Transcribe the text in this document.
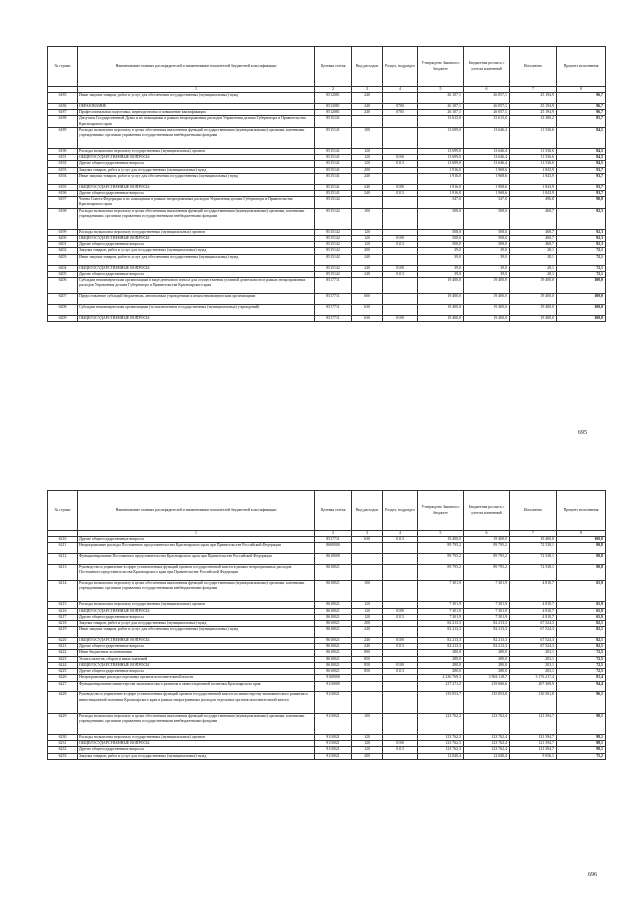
№ строки	Наименование главных распорядителей и наименование показателей бюджетной классификации	Целевая статья	Вид расходов	Раздел, подраздел	Утверждено Законом о бюджете	Бюджетная роспись с учетом изменений	Исполнено	Процент исполнения
	1	2	3	4	5	6	7	8
6185	Иные закупки товаров, работ и услуг для обеспечения государственных (муниципальных) нужд	8512081	240		26 107,1	26 057,1	25 194,9	96,7
6186	ОБРАЗОВАНИЕ	8512081	240	0700	26 107,1	26 057,1	25 194,9	96,7
6187	Профессиональная подготовка, переподготовка и повышение квалификации	8512081	240	0705	26 107,1	26 057,1	25 194,9	96,7
6188	Депутаты Государственной Думы и их помощники в рамках непрограммных расходов Управления делами Губернатора и Правительства Красноярского края	8515141			15 615,0	15 615,0	13 380,2	85,7
6189	Расходы на выплаты персоналу в целях обеспечения выполнения функций государственными (муниципальными) органами, казенными учреждениями, органами управления государственными внебюджетными фондами	8515141	100		13 699,0	13 646,4	11 536,6	84,5
6190	Расходы на выплаты персоналу государственных (муниципальных) органов	8515141	120		13 699,0	13 646,4	11 536,6	84,5
6191	ОБЩЕГОСУДАРСТВЕННЫЕ ВОПРОСЫ	8515141	120	0100	13 699,0	13 646,4	11 536,6	84,5
6192	Другие общегосударственные вопросы	8515141	120	0113	13 699,0	13 646,4	11 536,6	84,5
6193	Закупка товаров, работ и услуг для государственных (муниципальных) нужд	8515141	200		1 916,0	1 968,6	1 843,9	93,7
6194	Иные закупки товаров, работ и услуг для обеспечения государственных (муниципальных) нужд	8515141	240		1 916,0	1 968,6	1 843,9	93,7
6195	ОБЩЕГОСУДАРСТВЕННЫЕ ВОПРОСЫ	8515141	240	0100	1 916,0	1 968,6	1 843,9	93,7
6196	Другие общегосударственные вопросы	8515141	240	0113	1 916,0	1 968,6	1 843,9	93,7
6197	Члены Совета Федерации и их помощники в рамках непрограммных расходов Управления делами Губернатора и Правительства Красноярского края	8515142			547,0	547,0	496,8	90,8
6198	Расходы на выплаты персоналу в целях обеспечения выполнения функций государственными (муниципальными) органами, казенными учреждениями, органами управления государственными внебюджетными фондами	8515142	100		508,0	508,0	468,7	92,3
6199	Расходы на выплаты персоналу государственных (муниципальных) органов	8515142	120		508,0	508,0	468,7	92,3
6200	ОБЩЕГОСУДАРСТВЕННЫЕ ВОПРОСЫ	8515142	120	0100	508,0	508,0	468,7	92,3
6201	Другие общегосударственные вопросы	8515142	120	0113	508,0	508,0	468,7	92,3
6202	Закупка товаров, работ и услуг для государственных (муниципальных) нужд	8515142	200		39,0	39,0	28,1	72,1
6203	Иные закупки товаров, работ и услуг для обеспечения государственных (муниципальных) нужд	8515142	240		39,0	39,0	28,1	72,1
6204	ОБЩЕГОСУДАРСТВЕННЫЕ ВОПРОСЫ	8515142	240	0100	39,0	39,0	28,1	72,1
6205	Другие общегосударственные вопросы	8515142	240	0113	39,0	39,0	28,1	72,1
6206	Субсидии некоммерческим организациям в виде денежного взноса для осуществления уставной деятельности в рамках непрограммных расходов Управления делами Губернатора и Правительства Красноярского края	8517711			19 400,0	19 400,0	19 400,0	100,0
6207	Предоставление субсидий бюджетным, автономным учреждениям и иным некоммерческим организациям	8517711	600		19 400,0	19 400,0	19 400,0	100,0
6208	Субсидии некоммерческим организациям (за исключением государственных (муниципальных) учреждений)	8517711	630		19 400,0	19 400,0	19 400,0	100,0
6209	ОБЩЕГОСУДАРСТВЕННЫЕ ВОПРОСЫ	8517711	630	0100	19 400,0	19 400,0	19 400,0	100,0
695
№ строки	Наименование главных распорядителей и наименование показателей бюджетной классификации	Целевая статья	Вид расходов	Раздел, подраздел	Утверждено Законом о бюджете	Бюджетная роспись с учетом изменений	Исполнено	Процент исполнения
	1	2	3	4	5	6	7	8
6210	Другие общегосударственные вопросы	8517711	630	0113	19 400,0	19 400,0	19 400,0	100,0
6211	Непрограммные расходы Постоянного представительства Красноярского края при Правительстве Российской Федерации	8600000			89 795,2	89 795,2	72 538,1	80,8
6212	Функционирование Постоянного представительства Красноярского края при Правительстве Российской Федерации	8610000			89 795,2	89 795,2	72 538,1	80,8
6213	Руководство и управление в сфере установленных функций органов государственной власти в рамках непрограммных расходов Постоянного представительства Красноярского края при Правительстве Российской Федерации	8610021			89 795,2	89 795,2	72 538,1	80,8
6214	Расходы на выплаты персоналу в целях обеспечения выполнения функций государственными (муниципальными) органами, казенными учреждениями, органами управления государственными внебюджетными фондами	8610021	100		7 301,9	7 301,9	4 810,7	65,9
6215	Расходы на выплаты персоналу государственных (муниципальных) органов	8610021	120		7 301,9	7 301,9	4 810,7	65,9
6216	ОБЩЕГОСУДАРСТВЕННЫЕ ВОПРОСЫ	8610021	120	0100	7 301,9	7 301,9	4 810,7	65,9
6217	Другие общегосударственные вопросы	8610021	120	0113	7 301,9	7 301,9	4 810,7	65,9
6218	Закупка товаров, работ и услуг для государственных (муниципальных) нужд	8610021	200		82 213,3	82 213,3	67 524,3	82,1
6219	Иные закупки товаров, работ и услуг для обеспечения государственных (муниципальных) нужд	8610021	240		82 213,3	82 213,3	67 524,3	82,1
6220	ОБЩЕГОСУДАРСТВЕННЫЕ ВОПРОСЫ	8610021	240	0100	82 213,3	82 213,3	67 524,3	82,1
6221	Другие общегосударственные вопросы	8610021	240	0113	82 213,3	82 213,3	67 524,3	82,1
6222	Иные бюджетные ассигнования	8610021	800		280,0	280,0	203,1	72,5
6223	Уплата налогов, сборов и иных платежей	8610021	850		280,0	280,0	203,1	72,5
6224	ОБЩЕГОСУДАРСТВЕННЫЕ ВОПРОСЫ	8610021	850	0100	280,0	280,0	203,1	72,5
6225	Другие общегосударственные вопросы	8610021	850	0113	280,0	280,0	203,1	72,5
6226	Непрограммные расходы отдельных органов исполнительной власти	9100000			4 236 769,3	3 904 118,7	3 176 217,4	81,4
6227	Функционирование министерства экономического развития и инвестиционной политики Красноярского края	9110000			217 271,2	219 666,6	207 369,9	94,4
6228	Руководство и управление в сфере установленных функций органов государственной власти по министерству экономического развития и инвестиционной политики Красноярского края в рамках непрограммных расходов отдельных органов исполнительной власти	9110021			135 853,7	135 853,8	130 501,8	96,1
6229	Расходы на выплаты персоналу в целях обеспечения выполнения функций государственными (муниципальными) органами, казенными учреждениями, органами управления государственными внебюджетными фондами	9110021	100		123 762,3	123 762,4	121 394,7	98,1
6230	Расходы на выплаты персоналу государственных (муниципальных) органов	9110021	120		123 762,3	123 762,4	121 394,7	98,1
6231	ОБЩЕГОСУДАРСТВЕННЫЕ ВОПРОСЫ	9110021	120	0100	123 762,3	123 762,4	121 394,7	98,1
6232	Другие общегосударственные вопросы	9110021	120	0113	123 762,3	123 762,4	121 394,7	98,1
6233	Закупка товаров, работ и услуг для государственных (муниципальных) нужд	9110021	200		12 040,4	12 040,4	9 056,1	75,2
696
